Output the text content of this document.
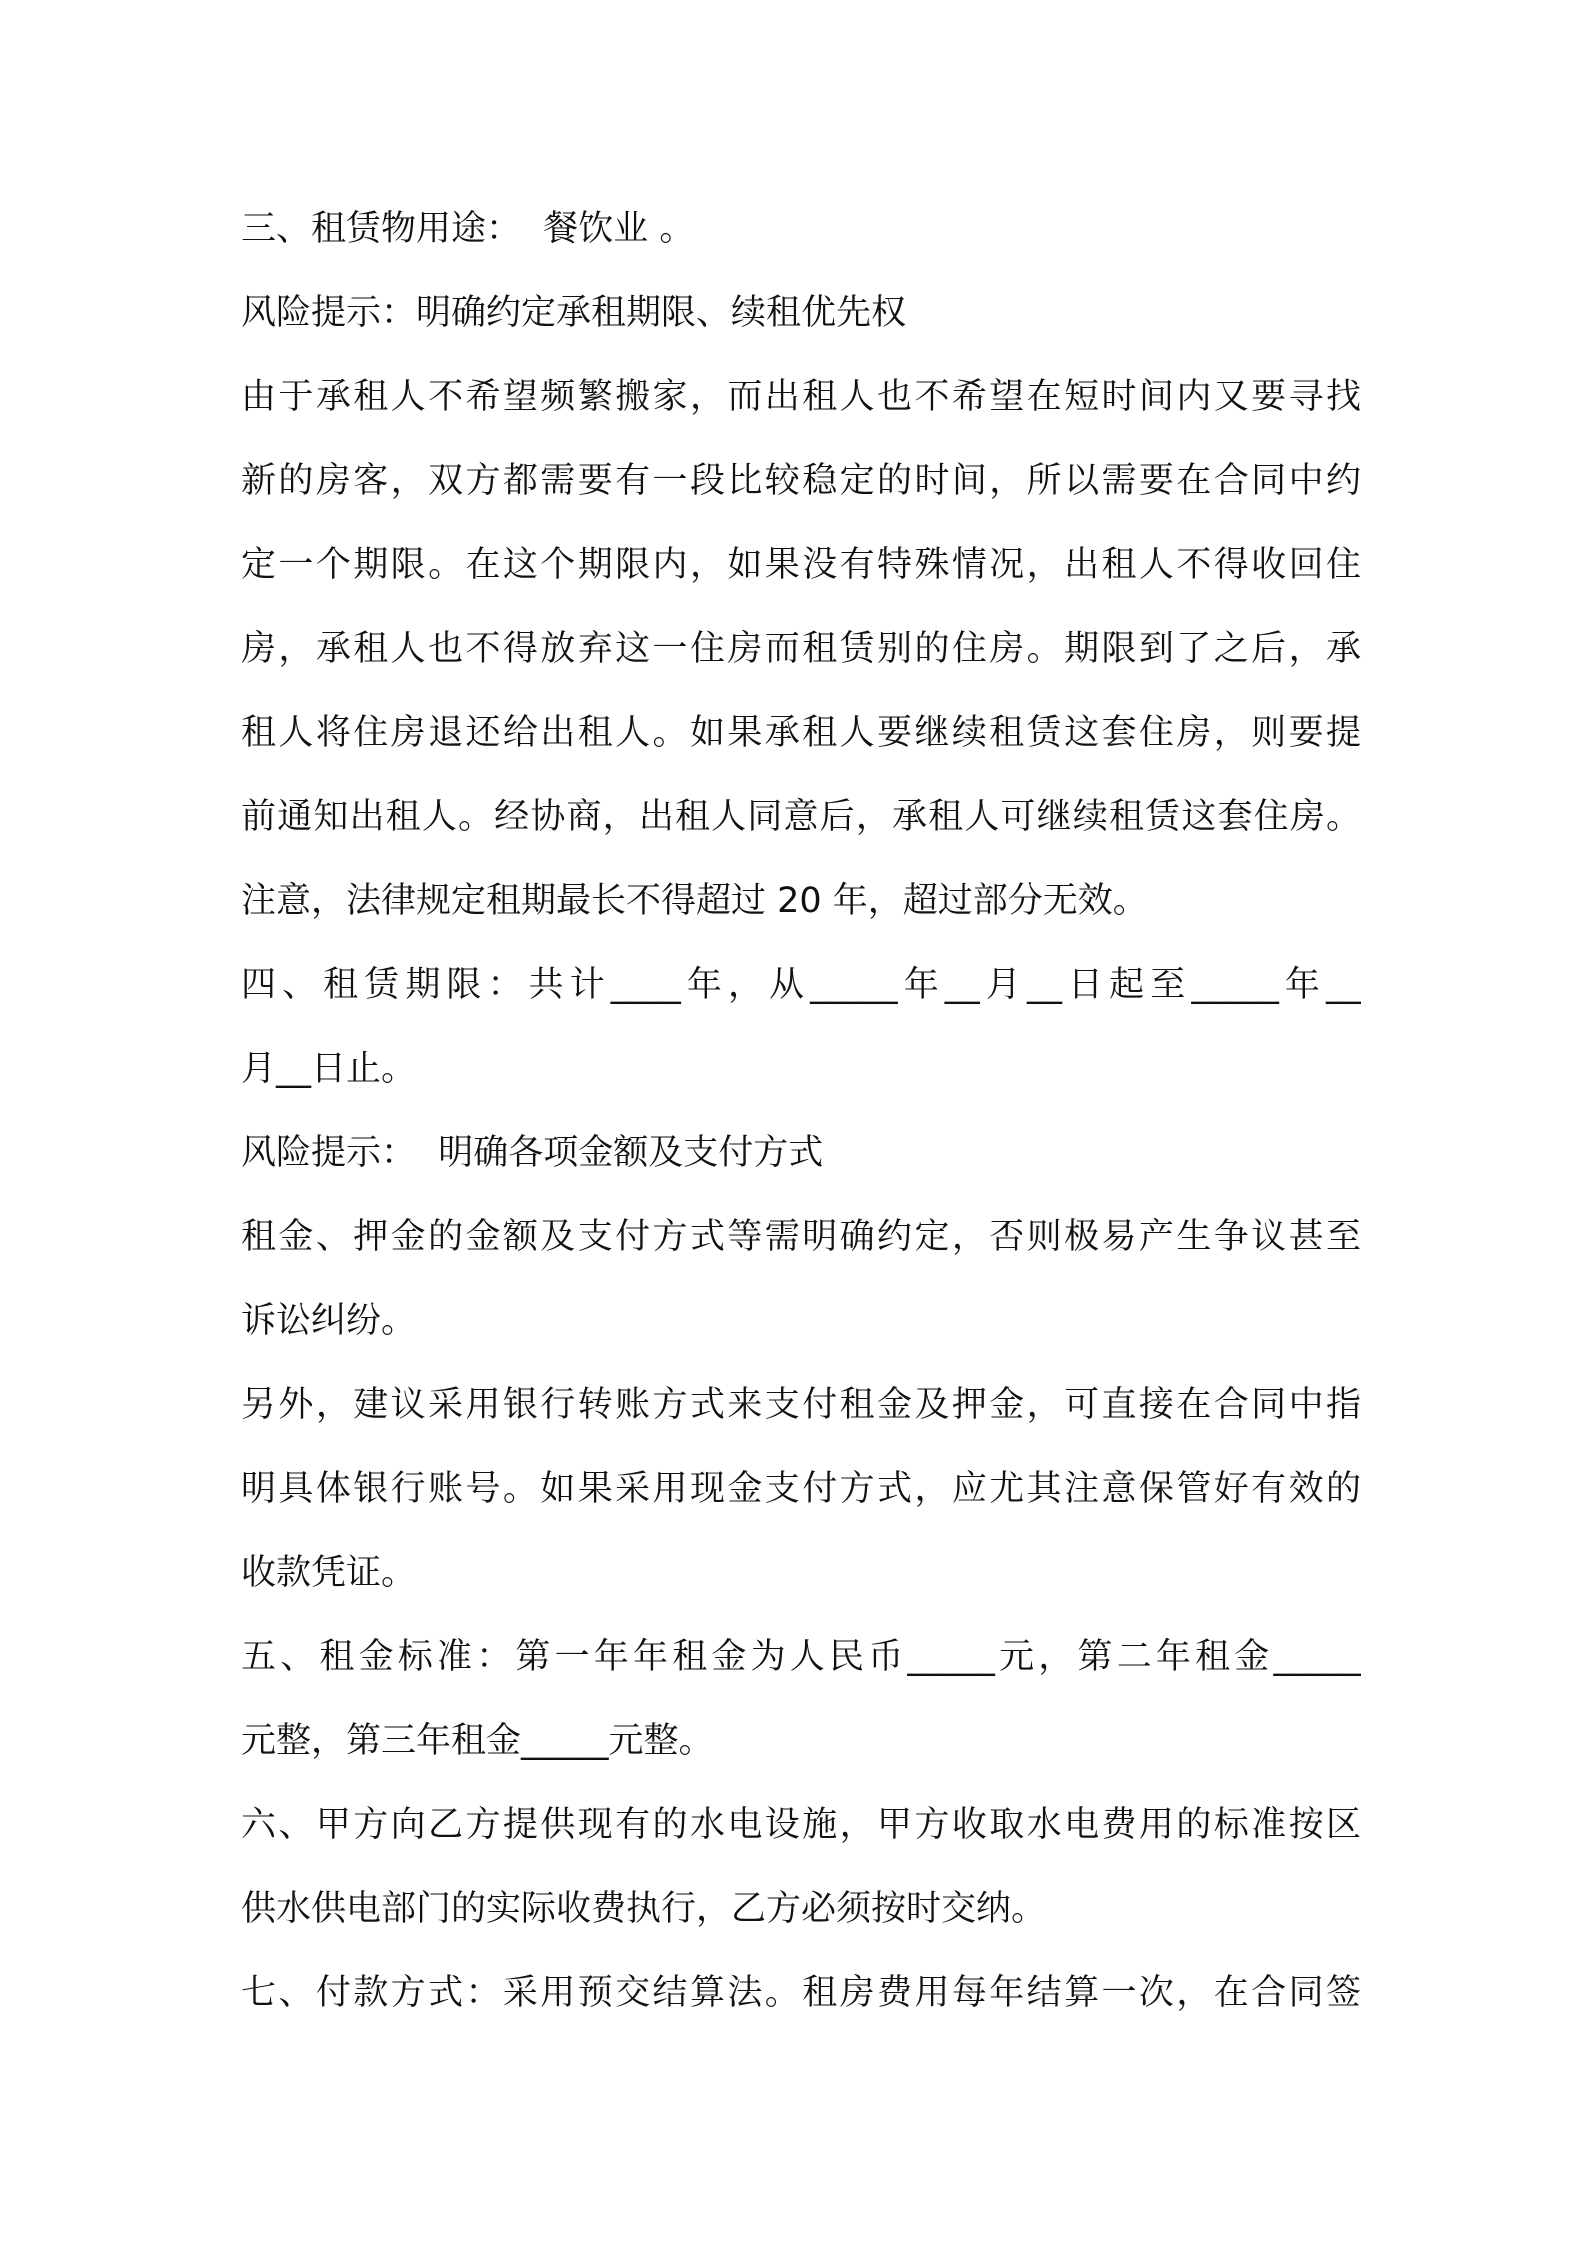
三、租赁物用途：  餐饮业 。
风险提示：明确约定承租期限、续租优先权
由于承租人不希望频繁搬家，而出租人也不希望在短时间内又要寻找
新的房客，双方都需要有一段比较稳定的时间，所以需要在合同中约
定一个期限。在这个期限内，如果没有特殊情况，出租人不得收回住
房，承租人也不得放弃这一住房而租赁别的住房。期限到了之后，承
租人将住房退还给出租人。如果承租人要继续租赁这套住房，则要提
前通知出租人。经协商，出租人同意后，承租人可继续租赁这套住房。
注意，法律规定租期最长不得超过 20 年，超过部分无效。
四、租赁期限：共计____年，从_____年__月__日起至_____年__
月__日止。
风险提示：  明确各项金额及支付方式
租金、押金的金额及支付方式等需明确约定，否则极易产生争议甚至
诉讼纠纷。
另外，建议采用银行转账方式来支付租金及押金，可直接在合同中指
明具体银行账号。如果采用现金支付方式，应尤其注意保管好有效的
收款凭证。
五、租金标准：第一年年租金为人民币_____元，第二年租金_____
元整，第三年租金_____元整。
六、甲方向乙方提供现有的水电设施，甲方收取水电费用的标准按区
供水供电部门的实际收费执行，乙方必须按时交纳。
七、付款方式：采用预交结算法。租房费用每年结算一次，在合同签
